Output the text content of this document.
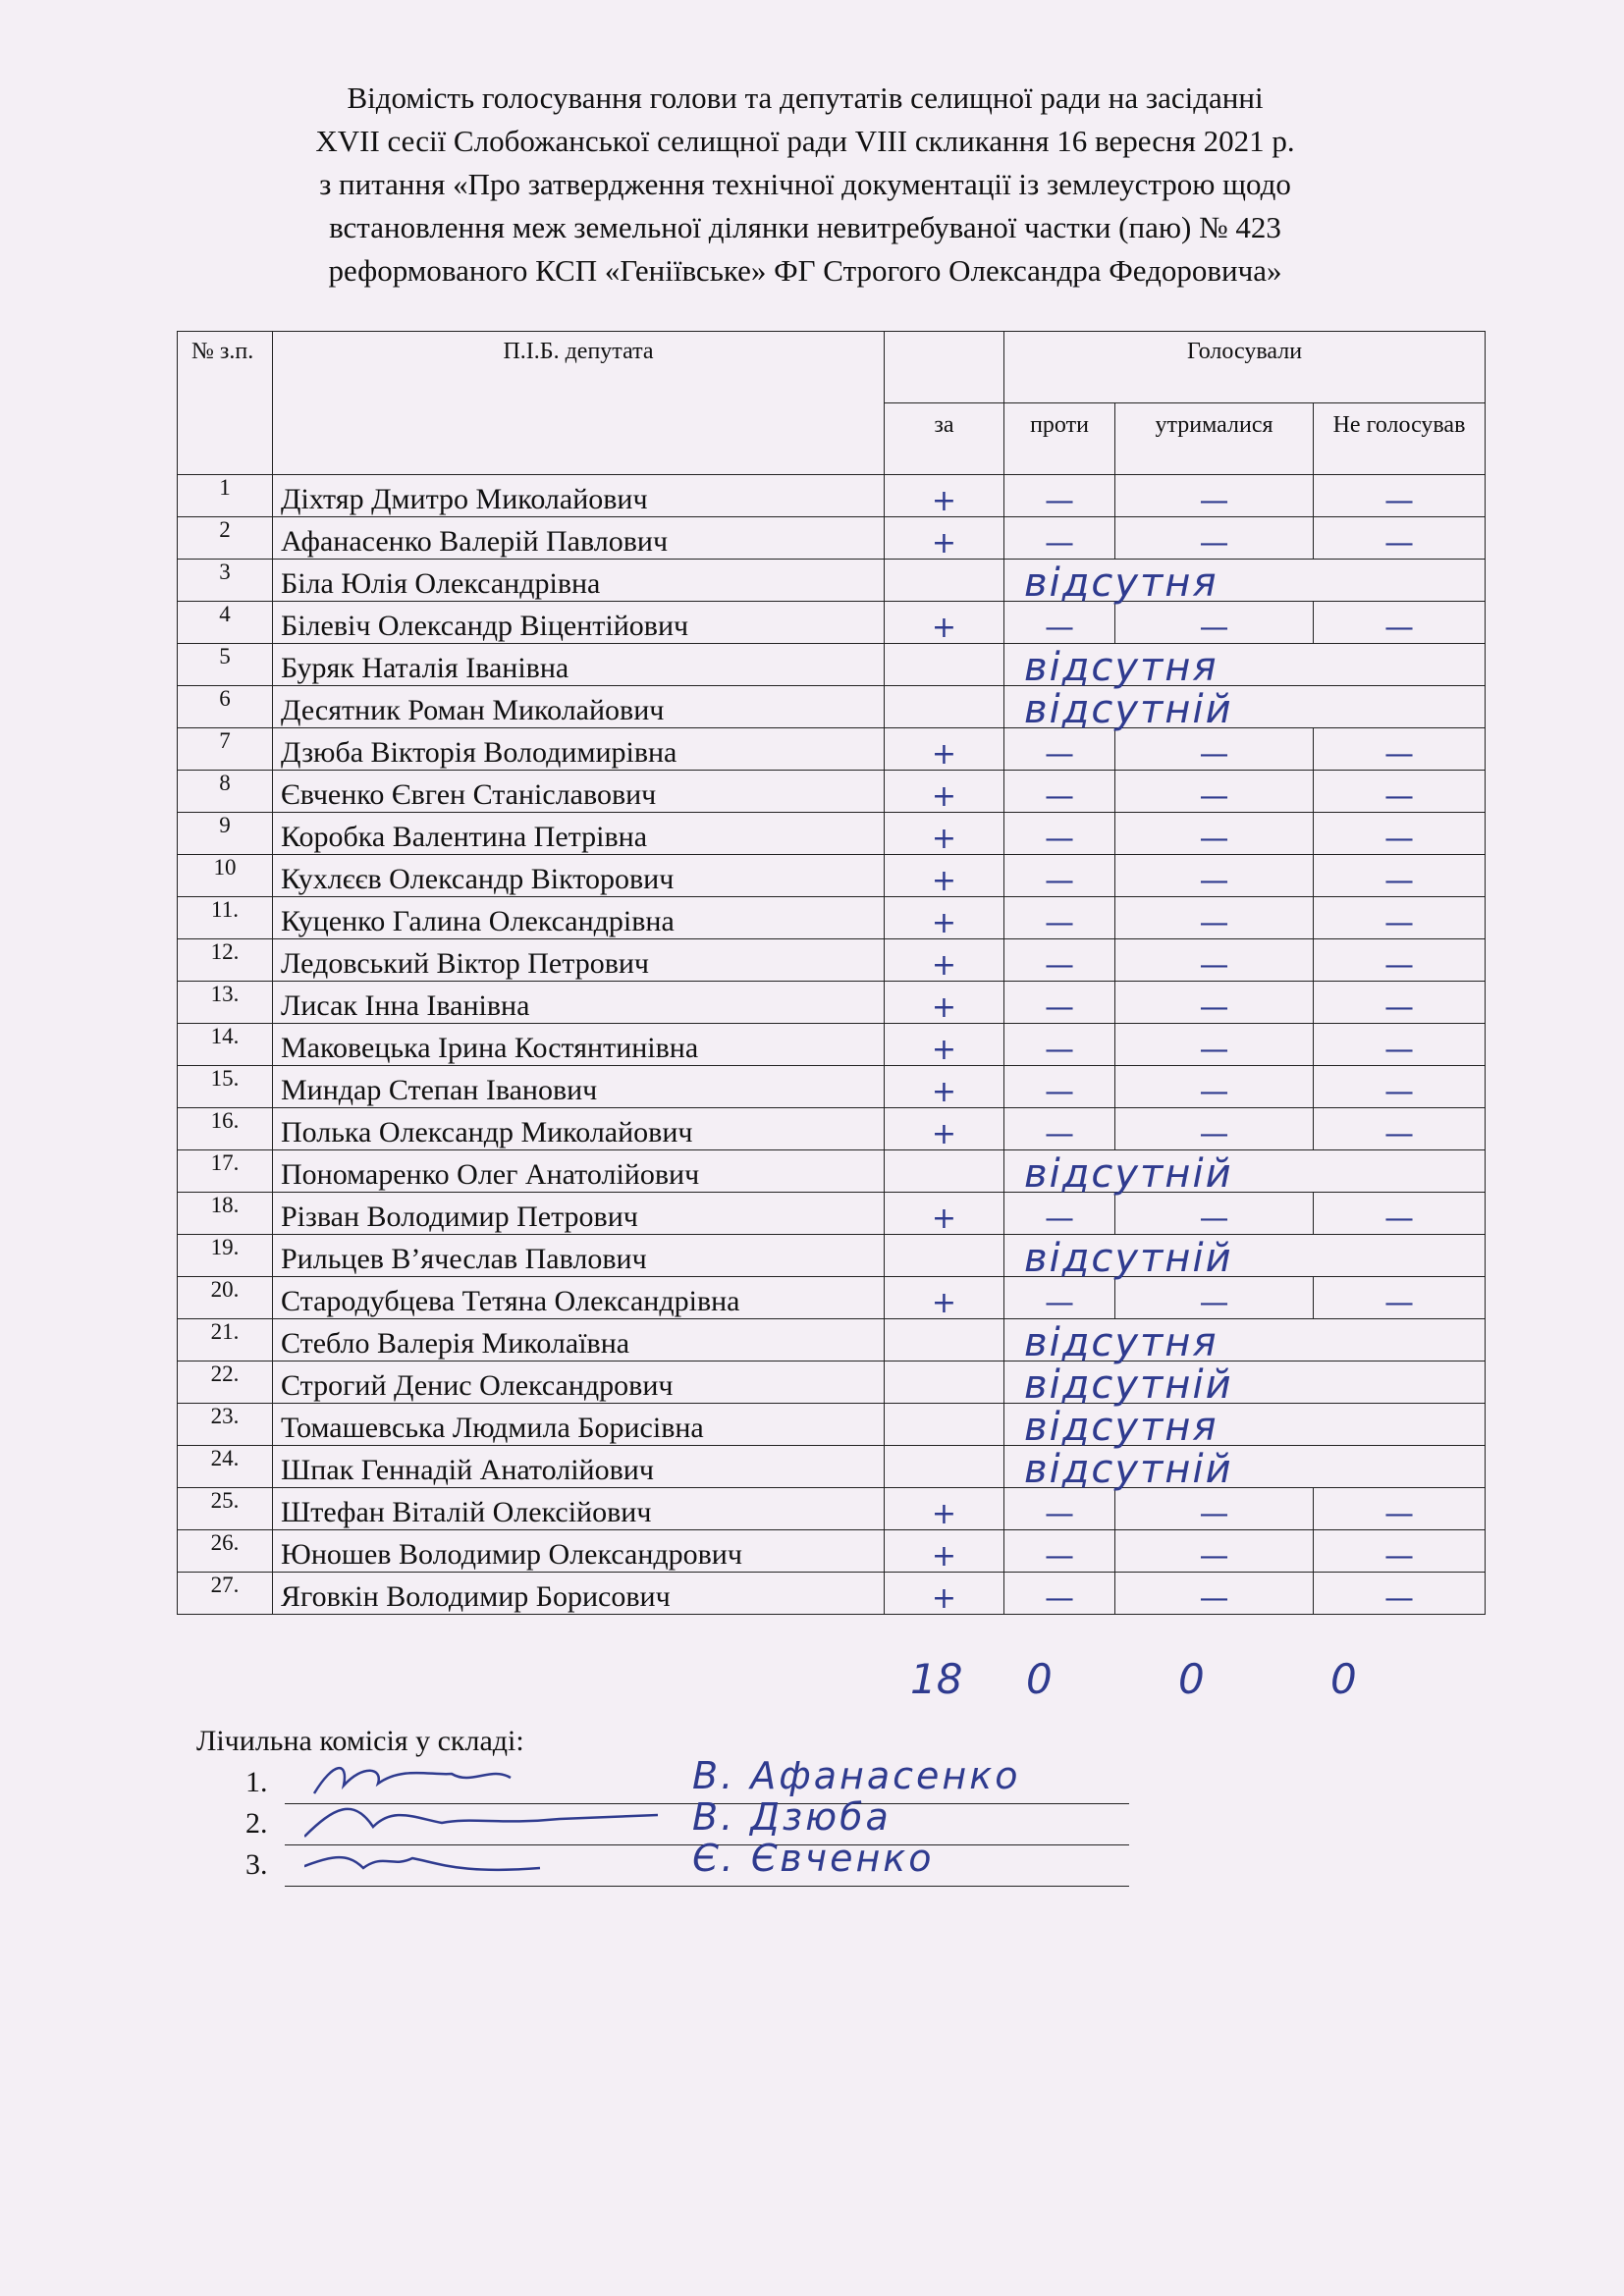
Відомість голосування голови та депутатів селищної ради на засіданні
XVII сесії Слобожанської селищної ради VIII скликання 16 вересня 2021 р.
з питання «Про затвердження технічної документації із землеустрою щодо
встановлення меж земельної ділянки невитребуваної частки (паю) № 423
реформованого КСП «Геніївське» ФГ Строгого Олександра Федоровича»
№ з.п.	П.І.Б. депутата		Голосували			
		за	проти	утрималися	Не голосував	
1	Діхтяр Дмитро Миколайович	+	—	—	—	
2	Афанасенко Валерій Павлович	+	—	—	—	
3	Біла Юлія Олександрівна		відсутня			
4	Білевіч Олександр Віцентійович	+	—	—	—	
5	Буряк Наталія Іванівна		відсутня			
6	Десятник Роман Миколайович		відсутній			
7	Дзюба Вікторія Володимирівна	+	—	—	—	
8	Євченко Євген Станіславович	+	—	—	—	
9	Коробка Валентина Петрівна	+	—	—	—	
10	Кухлєєв Олександр Вікторович	+	—	—	—	
11.	Куценко Галина Олександрівна	+	—	—	—	
12.	Ледовський Віктор Петрович	+	—	—	—	
13.	Лисак Інна Іванівна	+	—	—	—	
14.	Маковецька Ірина Костянтинівна	+	—	—	—	
15.	Миндар Степан Іванович	+	—	—	—	
16.	Полька Олександр Миколайович	+	—	—	—	
17.	Пономаренко Олег Анатолійович		відсутній			
18.	Різван Володимир Петрович	+	—	—	—	
19.	Рильцев В’ячеслав Павлович		відсутній			
20.	Стародубцева Тетяна Олександрівна	+	—	—	—	
21.	Стебло Валерія Миколаївна		відсутня			
22.	Строгий Денис Олександрович		відсутній			
23.	Томашевська Людмила Борисівна		відсутня			
24.	Шпак Геннадій Анатолійович		відсутній			
25.	Штефан Віталій Олексійович	+	—	—	—	
26.	Юношев Володимир Олександрович	+	—	—	—	
27.	Яговкін Володимир Борисович	+	—	—	—	
18 0	0	0
Лічильна комісія у складі:
1.	В. Афанасенко
2.	В. Дзюба
3.	Є. Євченко
